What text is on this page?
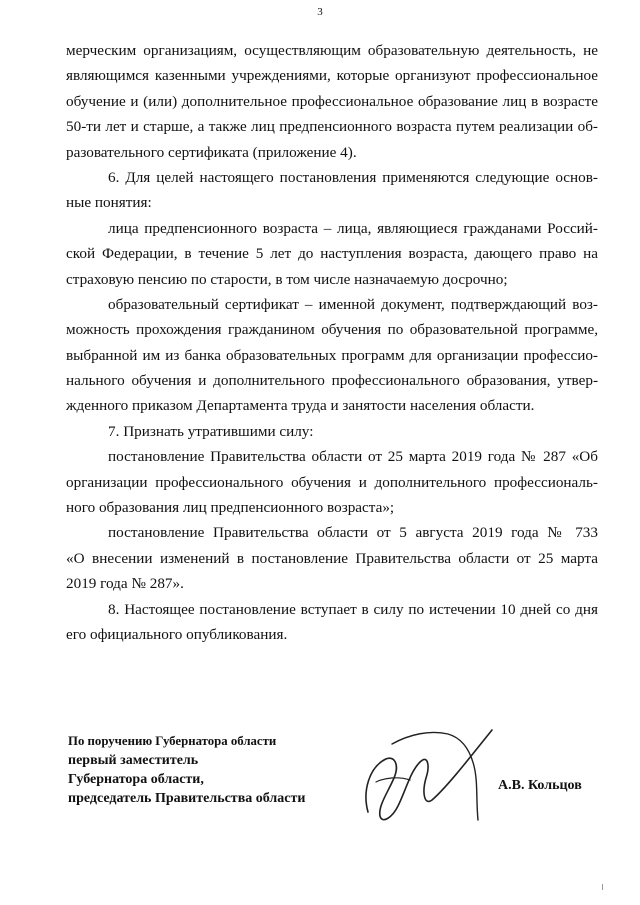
3
мерческим организациям, осуществляющим образовательную деятельность, не
являющимся казенными учреждениями, которые организуют профессиональное
обучение и (или) дополнительное профессиональное образование лиц в возрасте
50-ти лет и старше, а также лиц предпенсионного возраста путем реализации об-
разовательного сертификата (приложение 4).
6. Для целей настоящего постановления применяются следующие основ-
ные понятия:
лица предпенсионного возраста – лица, являющиеся гражданами Россий-
ской Федерации, в течение 5 лет до наступления возраста, дающего право на
страховую пенсию по старости, в том числе назначаемую досрочно;
образовательный сертификат – именной документ, подтверждающий воз-
можность прохождения гражданином обучения по образовательной программе,
выбранной им из банка образовательных программ для организации профессио-
нального обучения и дополнительного профессионального образования, утвер-
жденного приказом Департамента труда и занятости населения области.
7. Признать утратившими силу:
постановление Правительства области от 25 марта 2019 года № 287 «Об
организации профессионального обучения и дополнительного профессиональ-
ного образования лиц предпенсионного возраста»;
постановление Правительства области от 5 августа 2019 года № 733
«О внесении изменений в постановление Правительства области от 25 марта
2019 года № 287».
8. Настоящее постановление вступает в силу по истечении 10 дней со дня
его официального опубликования.
По поручению Губернатора области
первый заместитель
Губернатора области,
председатель Правительства области
А.В. Кольцов
